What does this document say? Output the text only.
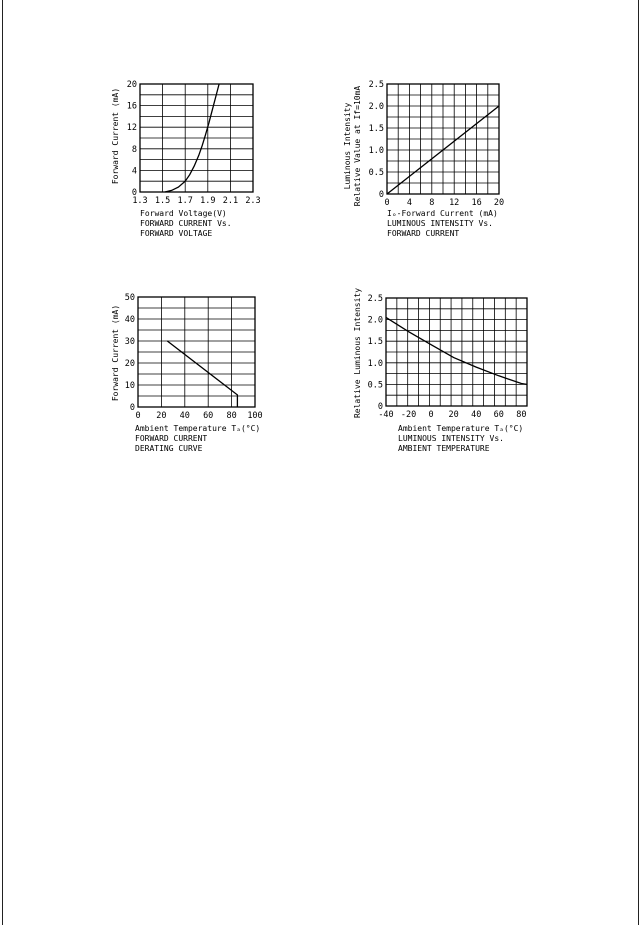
1.3 1.5 1.7 1.9 2.1 2.3
0
4
8
12
16
20
Forward Current (mA)
Forward Voltage(V)
FORWARD CURRENT Vs.
FORWARD VOLTAGE
0 4 8 12 16 20
0
0.5
1.0
1.5
2.0
2.5
Luminous Intensity Relative Value at If=10mA
Iₒ-Forward Current (mA)
LUMINOUS INTENSITY Vs.
FORWARD CURRENT
0 20 40 60 80 100
0
10
20
30
40
50
Forward Current (mA)
Ambient Temperature Tₐ(°C)
FORWARD CURRENT
DERATING CURVE
-40 -20 0 20 40 60 80
0
0.5
1.0
1.5
2.0
2.5
Relative Luminous Intensity
Ambient Temperature Tₐ(°C)
LUMINOUS INTENSITY Vs.
AMBIENT TEMPERATURE
